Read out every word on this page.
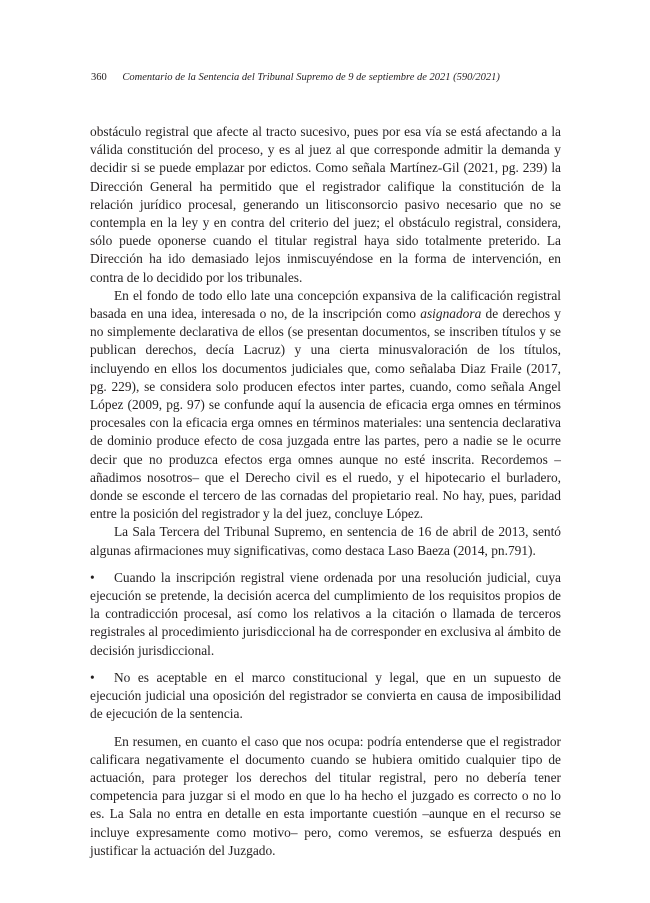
360 Comentario de la Sentencia del Tribunal Supremo de 9 de septiembre de 2021 (590/2021)

obstáculo registral que afecte al tracto sucesivo, pues por esa vía se está afectando a la válida constitución del proceso, y es al juez al que corresponde admitir la demanda y decidir si se puede emplazar por edictos. Como señala Martínez-Gil (2021, pg. 239) la Dirección General ha permitido que el registrador califique la constitución de la relación jurídico procesal, generando un litisconsorcio pasivo necesario que no se contempla en la ley y en contra del criterio del juez; el obstáculo registral, considera, sólo puede oponerse cuando el titular registral haya sido totalmente preterido. La Dirección ha ido demasiado lejos inmiscuyéndose en la forma de intervención, en contra de lo decidido por los tribunales.

En el fondo de todo ello late una concepción expansiva de la calificación registral basada en una idea, interesada o no, de la inscripción como asignadora de derechos y no simplemente declarativa de ellos (se presentan documentos, se inscriben títulos y se publican derechos, decía Lacruz) y una cierta minusvaloración de los títulos, incluyendo en ellos los documentos judiciales que, como señalaba Diaz Fraile (2017, pg. 229), se considera solo producen efectos inter partes, cuando, como señala Angel López (2009, pg. 97) se confunde aquí la ausencia de eficacia erga omnes en términos procesales con la eficacia erga omnes en términos materiales: una sentencia declarativa de dominio produce efecto de cosa juzgada entre las partes, pero a nadie se le ocurre decir que no produzca efectos erga omnes aunque no esté inscrita. Recordemos –añadimos nosotros– que el Derecho civil es el ruedo, y el hipotecario el burladero, donde se esconde el tercero de las cornadas del propietario real. No hay, pues, paridad entre la posición del registrador y la del juez, concluye López.

La Sala Tercera del Tribunal Supremo, en sentencia de 16 de abril de 2013, sentó algunas afirmaciones muy significativas, como destaca Laso Baeza (2014, pn.791).

• Cuando la inscripción registral viene ordenada por una resolución judicial, cuya ejecución se pretende, la decisión acerca del cumplimiento de los requisitos propios de la contradicción procesal, así como los relativos a la citación o llamada de terceros registrales al procedimiento jurisdiccional ha de corresponder en exclusiva al ámbito de decisión jurisdiccional.

• No es aceptable en el marco constitucional y legal, que en un supuesto de ejecución judicial una oposición del registrador se convierta en causa de imposibilidad de ejecución de la sentencia.

En resumen, en cuanto el caso que nos ocupa: podría entenderse que el registrador calificara negativamente el documento cuando se hubiera omitido cualquier tipo de actuación, para proteger los derechos del titular registral, pero no debería tener competencia para juzgar si el modo en que lo ha hecho el juzgado es correcto o no lo es. La Sala no entra en detalle en esta importante cuestión –aunque en el recurso se incluye expresamente como motivo– pero, como veremos, se esfuerza después en justificar la actuación del Juzgado.
